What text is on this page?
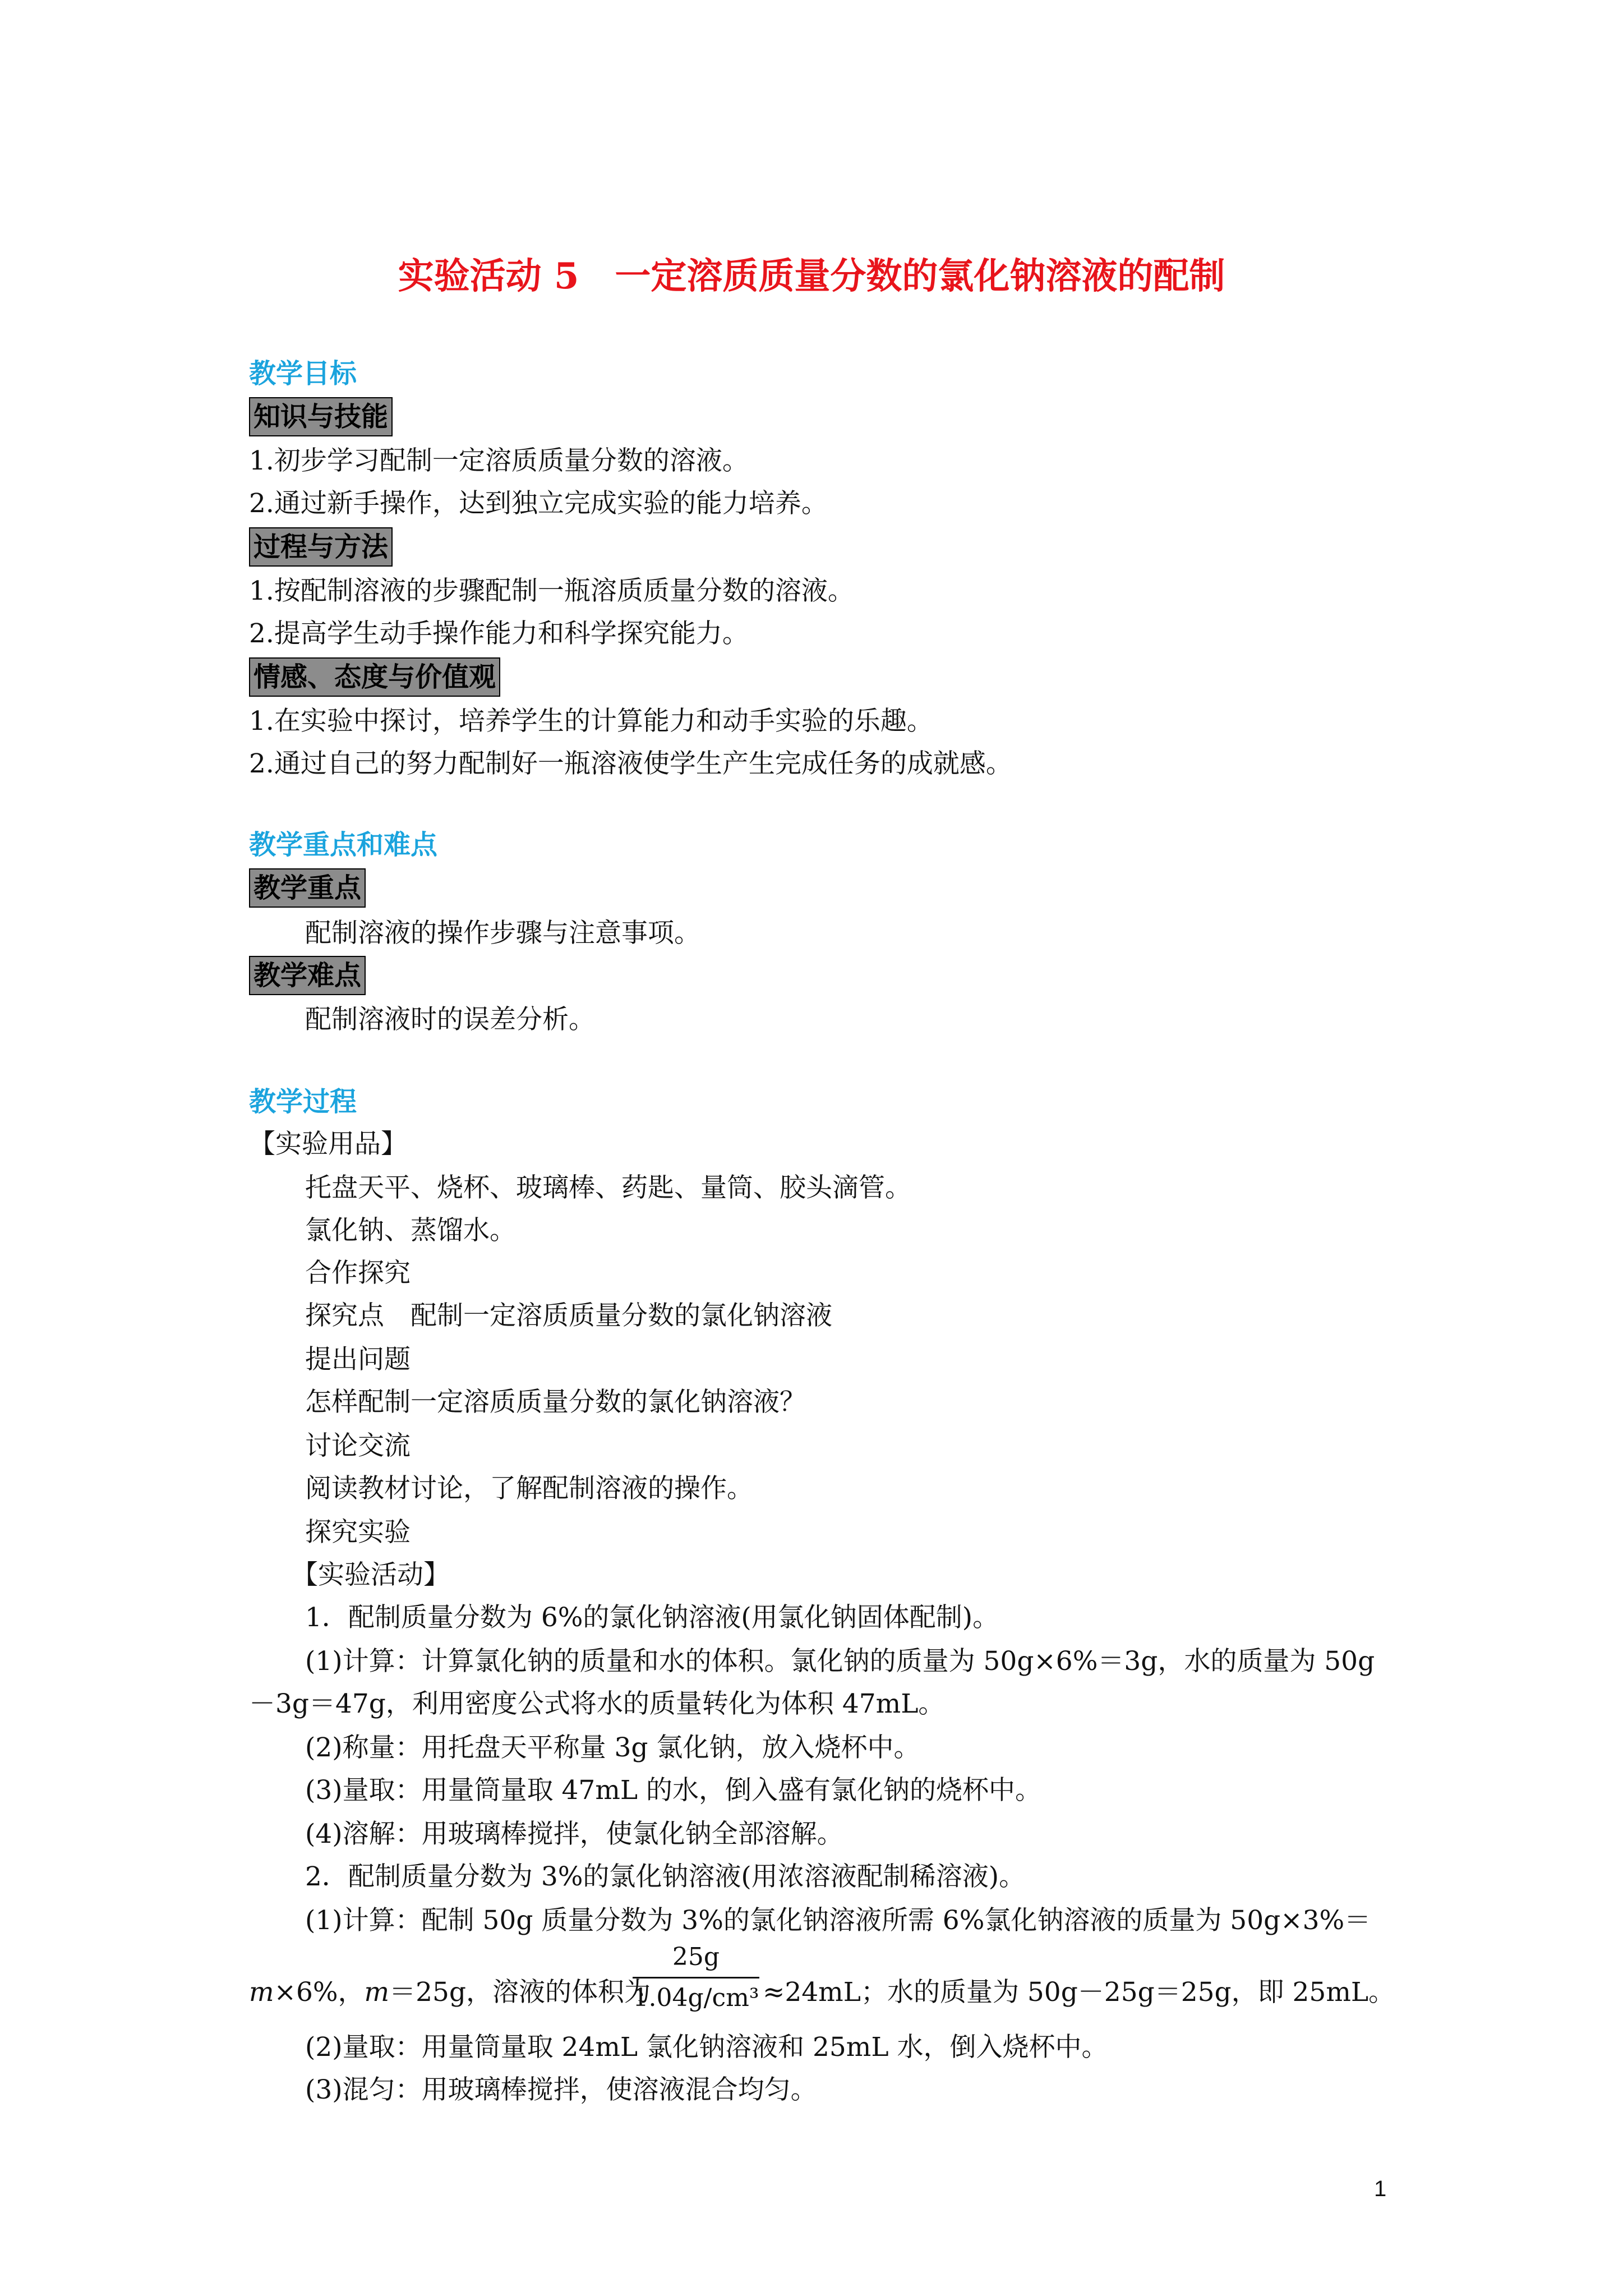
实验活动 5　一定溶质质量分数的氯化钠溶液的配制
教学目标
知识与技能
1.初步学习配制一定溶质质量分数的溶液。
2.通过新手操作，达到独立完成实验的能力培养。
过程与方法
1.按配制溶液的步骤配制一瓶溶质质量分数的溶液。
2.提高学生动手操作能力和科学探究能力。
情感、态度与价值观
1.在实验中探讨，培养学生的计算能力和动手实验的乐趣。
2.通过自己的努力配制好一瓶溶液使学生产生完成任务的成就感。
教学重点和难点
教学重点
配制溶液的操作步骤与注意事项。
教学难点
配制溶液时的误差分析。
教学过程
【实验用品】
托盘天平、烧杯、玻璃棒、药匙、量筒、胶头滴管。
氯化钠、蒸馏水。
合作探究
探究点　配制一定溶质质量分数的氯化钠溶液
提出问题
怎样配制一定溶质质量分数的氯化钠溶液？
讨论交流
阅读教材讨论，了解配制溶液的操作。
探究实验
【实验活动】
1．配制质量分数为 6%的氯化钠溶液(用氯化钠固体配制)。
(1)计算：计算氯化钠的质量和水的体积。氯化钠的质量为 50g×6%＝3g，水的质量为 50g
－3g＝47g，利用密度公式将水的质量转化为体积 47mL。
(2)称量：用托盘天平称量 3g 氯化钠，放入烧杯中。
(3)量取：用量筒量取 47mL 的水，倒入盛有氯化钠的烧杯中。
(4)溶解：用玻璃棒搅拌，使氯化钠全部溶解。
2．配制质量分数为 3%的氯化钠溶液(用浓溶液配制稀溶液)。
(1)计算：配制 50g 质量分数为 3%的氯化钠溶液所需 6%氯化钠溶液的质量为 50g×3%＝
m×6%，m＝25g，溶液的体积为
25g
1.04g/cm³ ≈24mL；水的质量为 50g－25g＝25g，即 25mL。
(2)量取：用量筒量取 24mL 氯化钠溶液和 25mL 水，倒入烧杯中。
(3)混匀：用玻璃棒搅拌，使溶液混合均匀。
1
